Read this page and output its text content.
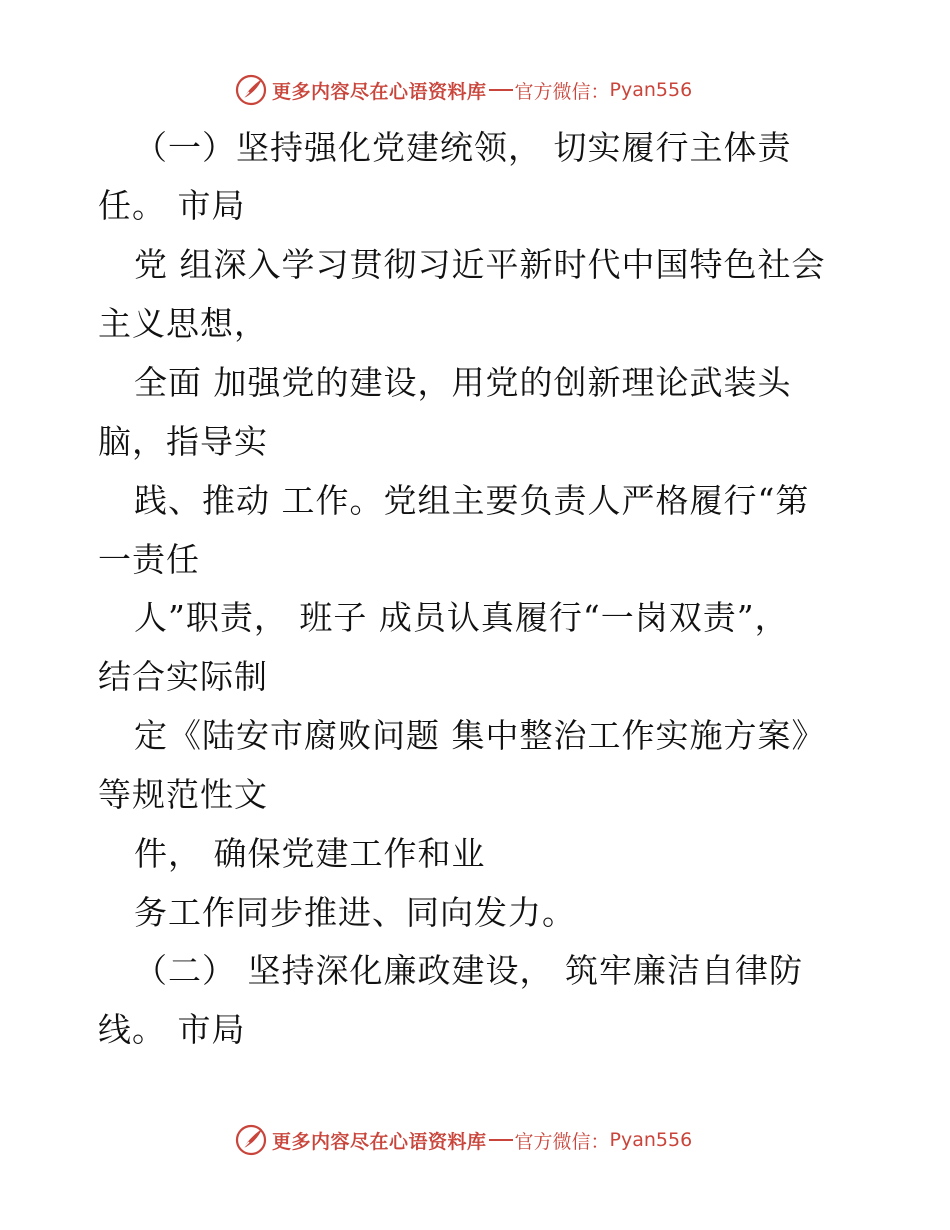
更多内容尽在心语资料库 官方微信： Pyan556

（一）坚持强化党建统领， 切实履行主体责

任。 市局

党 组深入学习贯彻习近平新时代中国特色社会

主义思想，

全面 加强党的建设，用党的创新理论武装头

脑，指导实

践、推动 工作。党组主要负责人严格履行“第

一责任

人”职责， 班子 成员认真履行“一岗双责”，

结合实际制

定《陆安市腐败问题 集中整治工作实施方案》

等规范性文

件， 确保党建工作和业

务工作同步推进、同向发力。

（二） 坚持深化廉政建设， 筑牢廉洁自律防

线。 市局

更多内容尽在心语资料库 官方微信： Pyan556
